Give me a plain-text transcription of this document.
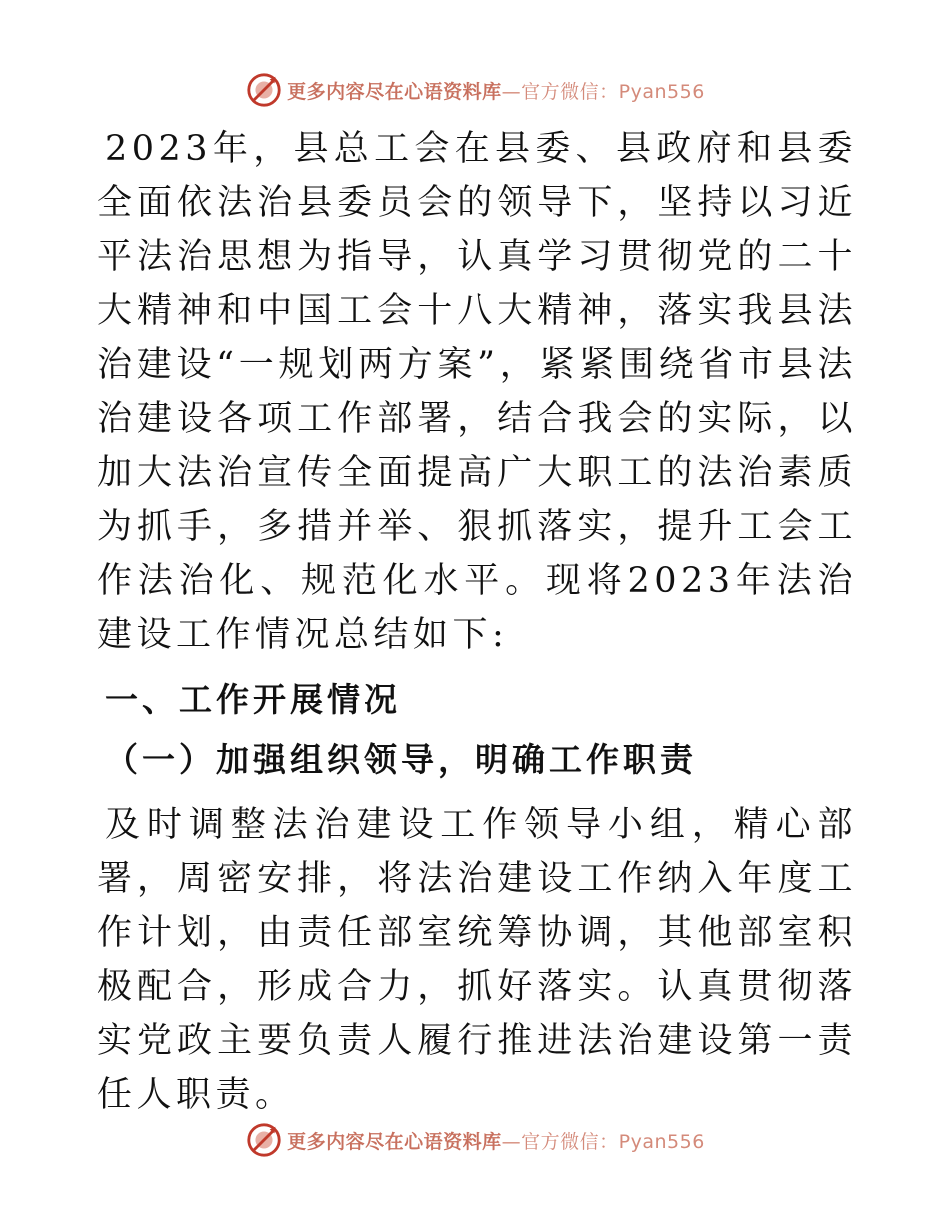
更多内容尽在心语资料库—官方微信：Pyan556

2023年，县总工会在县委、县政府和县委全面依法治县委员会的领导下，坚持以习近平法治思想为指导，认真学习贯彻党的二十大精神和中国工会十八大精神，落实我县法治建设“一规划两方案”，紧紧围绕省市县法治建设各项工作部署，结合我会的实际，以加大法治宣传全面提高广大职工的法治素质为抓手，多措并举、狠抓落实，提升工会工作法治化、规范化水平。现将2023年法治建设工作情况总结如下:

一、工作开展情况
（一）加强组织领导，明确工作职责

及时调整法治建设工作领导小组，精心部署，周密安排，将法治建设工作纳入年度工作计划，由责任部室统筹协调，其他部室积极配合，形成合力，抓好落实。认真贯彻落实党政主要负责人履行推进法治建设第一责任人职责。

更多内容尽在心语资料库—官方微信：Pyan556
